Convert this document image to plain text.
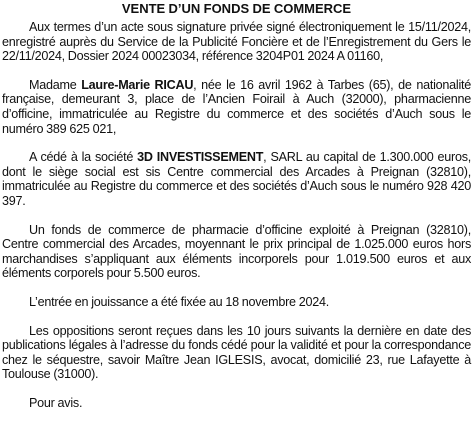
VENTE D’UN FONDS DE COMMERCE

Aux termes d’un acte sous signature privée signé électroniquement le 15/11/2024, enregistré auprès du Service de la Publicité Foncière et de l’Enregistrement du Gers le 22/11/2024, Dossier 2024 00023034, référence 3204P01 2024 A 01160,

Madame Laure-Marie RICAU, née le 16 avril 1962 à Tarbes (65), de nationalité française, demeurant 3, place de l’Ancien Foirail à Auch (32000), pharmacienne d’officine, immatriculée au Registre du commerce et des sociétés d’Auch sous le numéro 389 625 021,

A cédé à la société 3D INVESTISSEMENT, SARL au capital de 1.300.000 euros, dont le siège social est sis Centre commercial des Arcades à Preignan (32810), immatriculée au Registre du commerce et des sociétés d’Auch sous le numéro 928 420 397.

Un fonds de commerce de pharmacie d’officine exploité à Preignan (32810), Centre commercial des Arcades, moyennant le prix principal de 1.025.000 euros hors marchandises s’appliquant aux éléments incorporels pour 1.019.500 euros et aux éléments corporels pour 5.500 euros.

L’entrée en jouissance a été fixée au 18 novembre 2024.

Les oppositions seront reçues dans les 10 jours suivants la dernière en date des publications légales à l’adresse du fonds cédé pour la validité et pour la correspondance chez le séquestre, savoir Maître Jean IGLESIS, avocat, domicilié 23, rue Lafayette à Toulouse (31000).

Pour avis.
